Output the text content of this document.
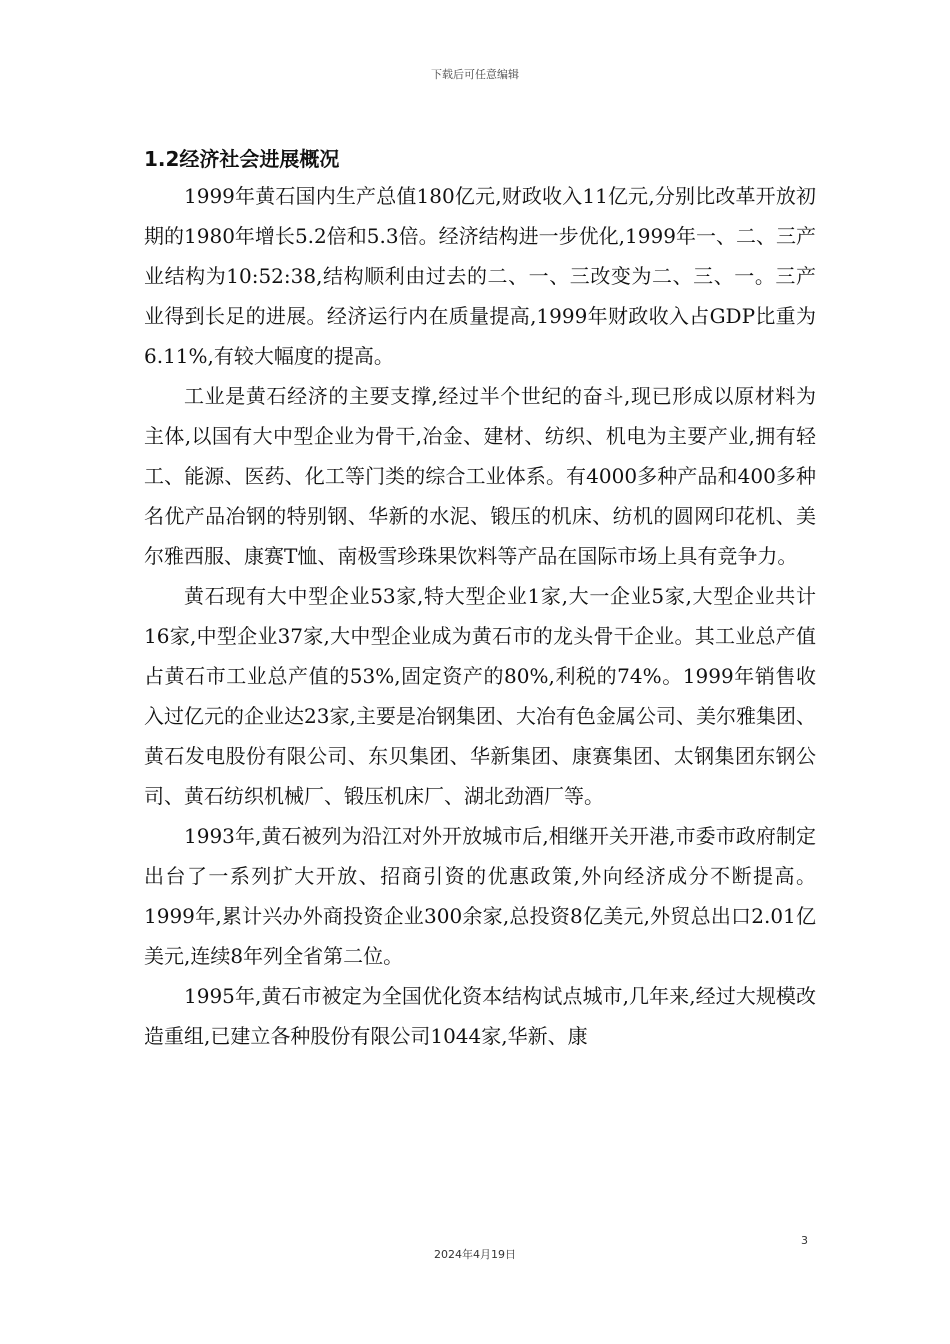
下载后可任意编辑
1.2经济社会进展概况

1999年黄石国内生产总值180亿元,财政收入11亿元,分别比改革开放初期的1980年增长5.2倍和5.3倍。经济结构进一步优化,1999年一、二、三产业结构为10:52:38,结构顺利由过去的二、一、三改变为二、三、一。三产业得到长足的进展。经济运行内在质量提高,1999年财政收入占GDP比重为6.11%,有较大幅度的提高。

工业是黄石经济的主要支撑,经过半个世纪的奋斗,现已形成以原材料为主体,以国有大中型企业为骨干,冶金、建材、纺织、机电为主要产业,拥有轻工、能源、医药、化工等门类的综合工业体系。有4000多种产品和400多种名优产品冶钢的特别钢、华新的水泥、锻压的机床、纺机的圆网印花机、美尔雅西服、康赛T恤、南极雪珍珠果饮料等产品在国际市场上具有竞争力。

黄石现有大中型企业53家,特大型企业1家,大一企业5家,大型企业共计16家,中型企业37家,大中型企业成为黄石市的龙头骨干企业。其工业总产值占黄石市工业总产值的53%,固定资产的80%,利税的74%。1999年销售收入过亿元的企业达23家,主要是冶钢集团、大冶有色金属公司、美尔雅集团、黄石发电股份有限公司、东贝集团、华新集团、康赛集团、太钢集团东钢公司、黄石纺织机械厂、锻压机床厂、湖北劲酒厂等。

1993年,黄石被列为沿江对外开放城市后,相继开关开港,市委市政府制定出台了一系列扩大开放、招商引资的优惠政策,外向经济成分不断提高。1999年,累计兴办外商投资企业300余家,总投资8亿美元,外贸总出口2.01亿美元,连续8年列全省第二位。

1995年,黄石市被定为全国优化资本结构试点城市,几年来,经过大规模改造重组,已建立各种股份有限公司1044家,华新、康

3
2024年4月19日
